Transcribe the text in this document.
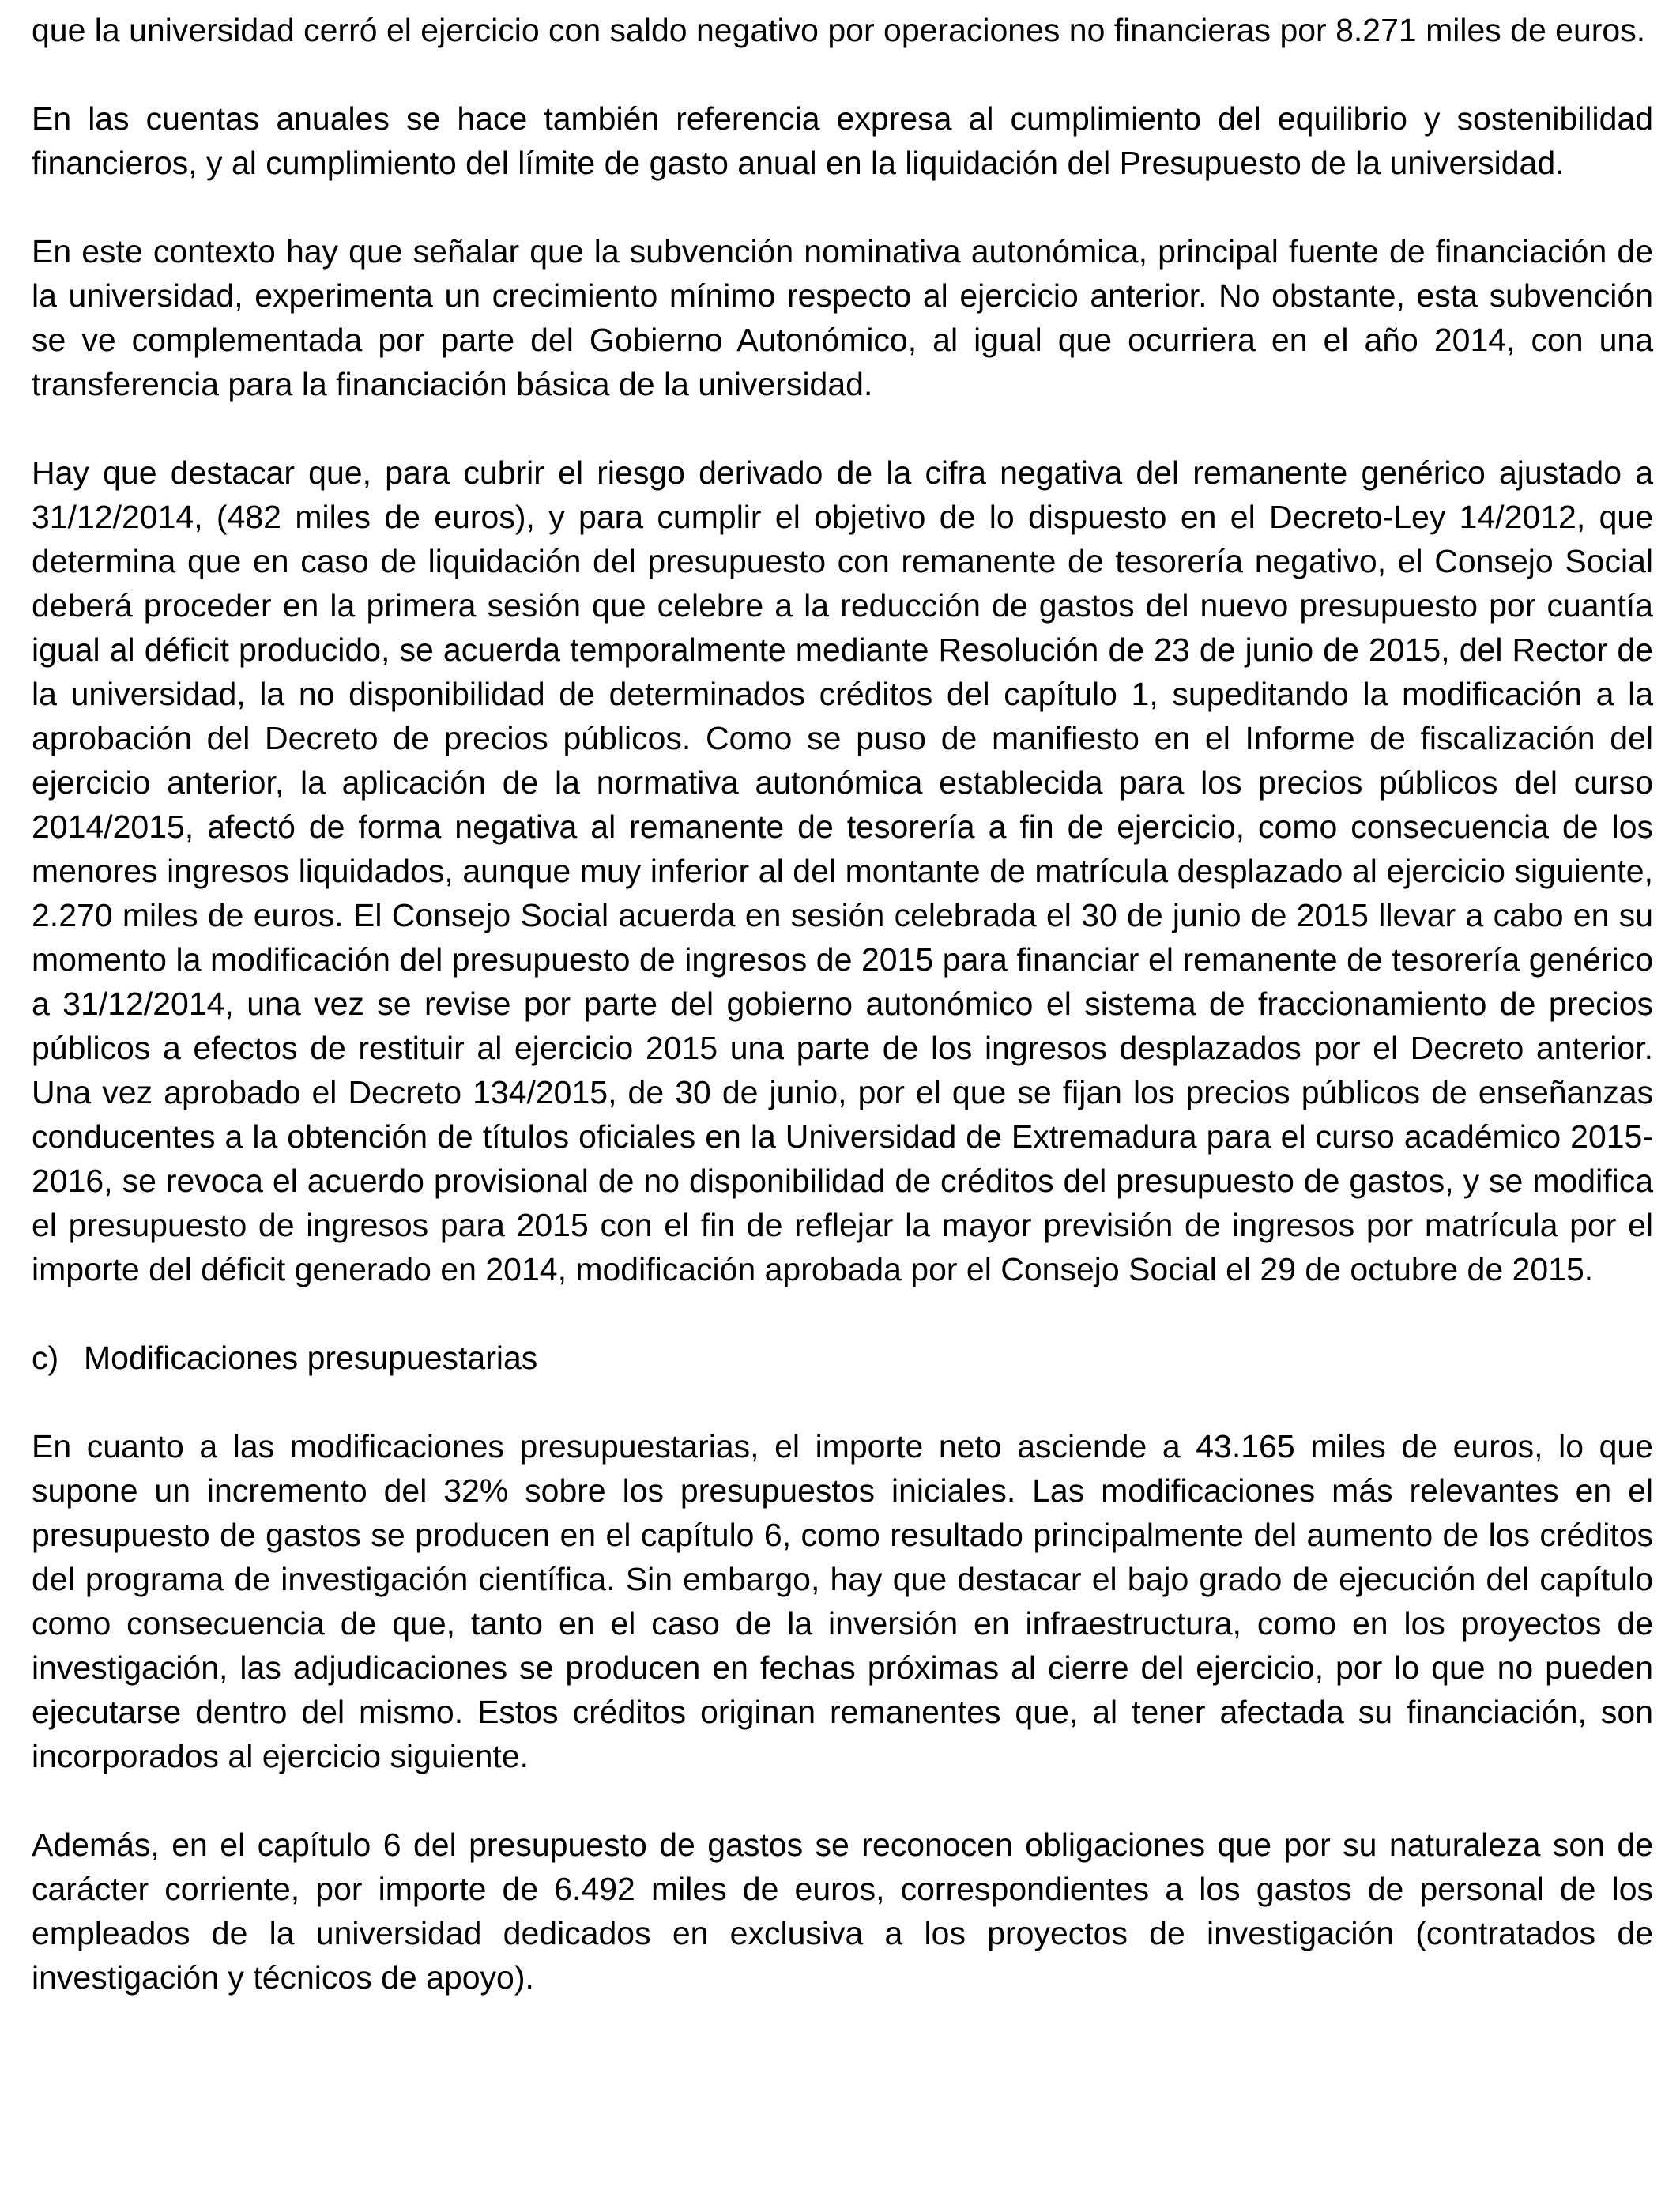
que la universidad cerró el ejercicio con saldo negativo por operaciones no financieras por 8.271 miles de euros.

En las cuentas anuales se hace también referencia expresa al cumplimiento del equilibrio y sostenibilidad financieros, y al cumplimiento del límite de gasto anual en la liquidación del Presupuesto de la universidad.

En este contexto hay que señalar que la subvención nominativa autonómica, principal fuente de financiación de la universidad, experimenta un crecimiento mínimo respecto al ejercicio anterior. No obstante, esta subvención se ve complementada por parte del Gobierno Autonómico, al igual que ocurriera en el año 2014, con una transferencia para la financiación básica de la universidad.

Hay que destacar que, para cubrir el riesgo derivado de la cifra negativa del remanente genérico ajustado a 31/12/2014, (482 miles de euros), y para cumplir el objetivo de lo dispuesto en el Decreto-Ley 14/2012, que determina que en caso de liquidación del presupuesto con remanente de tesorería negativo, el Consejo Social deberá proceder en la primera sesión que celebre a la reducción de gastos del nuevo presupuesto por cuantía igual al déficit producido, se acuerda temporalmente mediante Resolución de 23 de junio de 2015, del Rector de la universidad, la no disponibilidad de determinados créditos del capítulo 1, supeditando la modificación a la aprobación del Decreto de precios públicos. Como se puso de manifiesto en el Informe de fiscalización del ejercicio anterior, la aplicación de la normativa autonómica establecida para los precios públicos del curso 2014/2015, afectó de forma negativa al remanente de tesorería a fin de ejercicio, como consecuencia de los menores ingresos liquidados, aunque muy inferior al del montante de matrícula desplazado al ejercicio siguiente, 2.270 miles de euros. El Consejo Social acuerda en sesión celebrada el 30 de junio de 2015 llevar a cabo en su momento la modificación del presupuesto de ingresos de 2015 para financiar el remanente de tesorería genérico a 31/12/2014, una vez se revise por parte del gobierno autonómico el sistema de fraccionamiento de precios públicos a efectos de restituir al ejercicio 2015 una parte de los ingresos desplazados por el Decreto anterior. Una vez aprobado el Decreto 134/2015, de 30 de junio, por el que se fijan los precios públicos de enseñanzas conducentes a la obtención de títulos oficiales en la Universidad de Extremadura para el curso académico 2015-2016, se revoca el acuerdo provisional de no disponibilidad de créditos del presupuesto de gastos, y se modifica el presupuesto de ingresos para 2015 con el fin de reflejar la mayor previsión de ingresos por matrícula por el importe del déficit generado en 2014, modificación aprobada por el Consejo Social el 29 de octubre de 2015.

c) Modificaciones presupuestarias

En cuanto a las modificaciones presupuestarias, el importe neto asciende a 43.165 miles de euros, lo que supone un incremento del 32% sobre los presupuestos iniciales. Las modificaciones más relevantes en el presupuesto de gastos se producen en el capítulo 6, como resultado principalmente del aumento de los créditos del programa de investigación científica. Sin embargo, hay que destacar el bajo grado de ejecución del capítulo como consecuencia de que, tanto en el caso de la inversión en infraestructura, como en los proyectos de investigación, las adjudicaciones se producen en fechas próximas al cierre del ejercicio, por lo que no pueden ejecutarse dentro del mismo. Estos créditos originan remanentes que, al tener afectada su financiación, son incorporados al ejercicio siguiente.

Además, en el capítulo 6 del presupuesto de gastos se reconocen obligaciones que por su naturaleza son de carácter corriente, por importe de 6.492 miles de euros, correspondientes a los gastos de personal de los empleados de la universidad dedicados en exclusiva a los proyectos de investigación (contratados de investigación y técnicos de apoyo).
